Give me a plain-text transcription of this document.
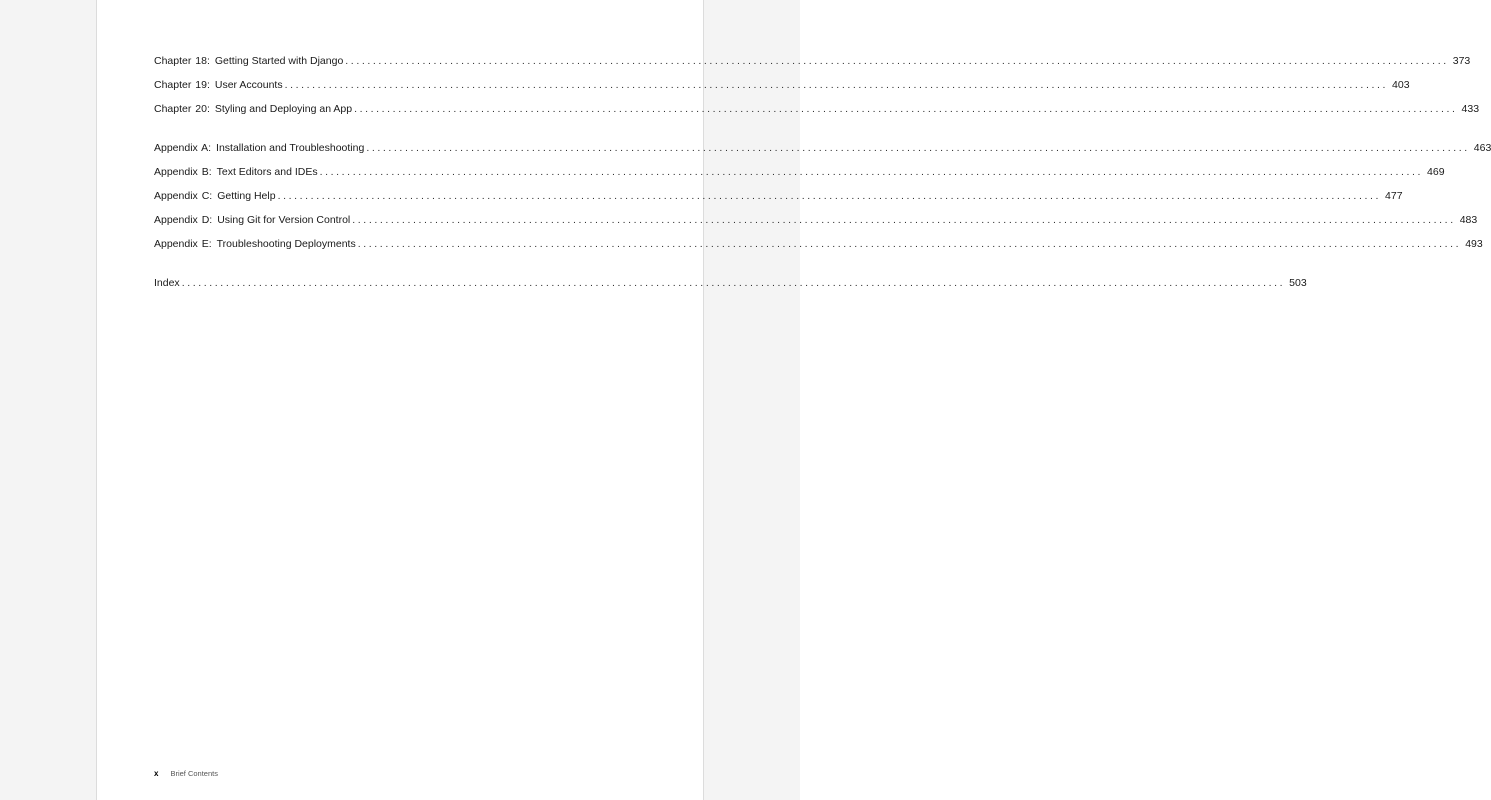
Chapter 18: Getting Started with Django ........................................................................................................................................................................................................ 373
Chapter 19: User Accounts ........................................................................................................................................................................................................ 403
Chapter 20: Styling and Deploying an App ........................................................................................................................................................................................................ 433
Appendix A: Installation and Troubleshooting ........................................................................................................................................................................................................ 463
Appendix B: Text Editors and IDEs ........................................................................................................................................................................................................ 469
Appendix C: Getting Help ........................................................................................................................................................................................................ 477
Appendix D: Using Git for Version Control ........................................................................................................................................................................................................ 483
Appendix E: Troubleshooting Deployments ........................................................................................................................................................................................................ 493
Index ........................................................................................................................................................................................................ 503
x Brief Contents
